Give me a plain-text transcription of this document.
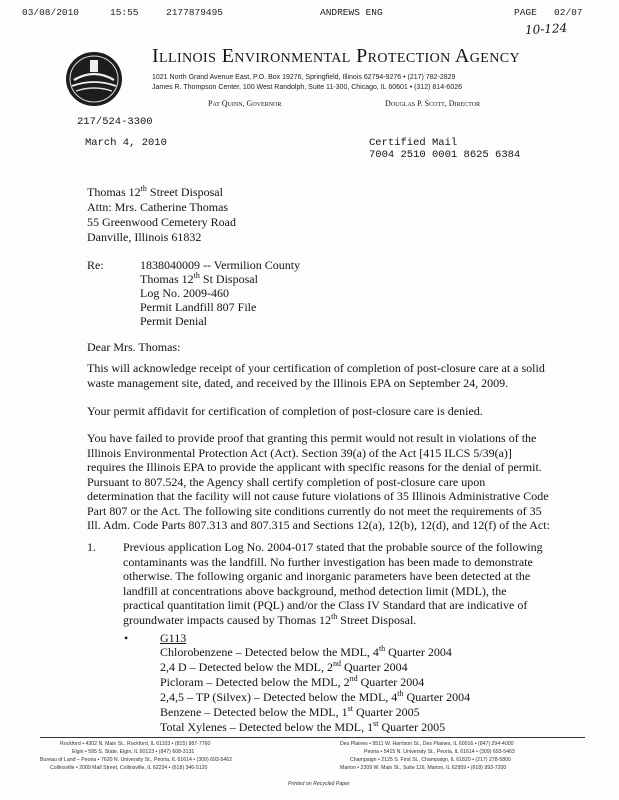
03/08/2010	15:55	2177879495	ANDREWS ENG	PAGE 02/07
10-124
Illinois Environmental Protection Agency
1021 North Grand Avenue East, P.O. Box 19276, Springfield, Illinois 62794-9276 • (217) 782-2829
James R. Thompson Center, 100 West Randolph, Suite 11-300, Chicago, IL 60601 • (312) 814-6026
Pat Quinn, Governor	Douglas P. Scott, Director
217/524-3300
March 4, 2010	Certified Mail
7004 2510 0001 8625 6384
Thomas 12th Street Disposal
Attn: Mrs. Catherine Thomas
55 Greenwood Cemetery Road
Danville, Illinois 61832
Re:	1838040009 -- Vermilion County
Thomas 12th St Disposal
Log No. 2009-460
Permit Landfill 807 File
Permit Denial
Dear Mrs. Thomas:

This will acknowledge receipt of your certification of completion of post-closure care at a solid waste management site, dated, and received by the Illinois EPA on September 24, 2009.

Your permit affidavit for certification of completion of post-closure care is denied.

You have failed to provide proof that granting this permit would not result in violations of the Illinois Environmental Protection Act (Act). Section 39(a) of the Act [415 ILCS 5/39(a)] requires the Illinois EPA to provide the applicant with specific reasons for the denial of permit. Pursuant to 807.524, the Agency shall certify completion of post-closure care upon determination that the facility will not cause future violations of 35 Illinois Administrative Code Part 807 or the Act. The following site conditions currently do not meet the requirements of 35 Ill. Adm. Code Parts 807.313 and 807.315 and Sections 12(a), 12(b), 12(d), and 12(f) of the Act:

1. Previous application Log No. 2004-017 stated that the probable source of the following contaminants was the landfill. No further investigation has been made to demonstrate otherwise. The following organic and inorganic parameters have been detected at the landfill at concentrations above background, method detection limit (MDL), the practical quantitation limit (PQL) and/or the Class IV Standard that are indicative of groundwater impacts caused by Thomas 12th Street Disposal.

•	G113
Chlorobenzene – Detected below the MDL, 4th Quarter 2004
2,4 D – Detected below the MDL, 2nd Quarter 2004
Picloram – Detected below the MDL, 2nd Quarter 2004
2,4,5 – TP (Silvex) – Detected below the MDL, 4th Quarter 2004
Benzene – Detected below the MDL, 1st Quarter 2005
Total Xylenes – Detected below the MDL, 1st Quarter 2005
Rockford • 4302 N. Main St., Rockford, IL 61103 • (815) 987-7760
Elgin • 595 S. State, Elgin, IL 60123 • (847) 608-3131
Bureau of Land – Peoria • 7620 N. University St., Peoria, IL 61614 • (309) 693-5462
Collinsville • 2009 Mall Street, Collinsville, IL 62234 • (618) 346-5120
Des Plaines • 9511 W. Harrison St., Des Plaines, IL 60016 • (847) 294-4000
Peoria • 5415 N. University St., Peoria, IL 61614 • (309) 693-5463
Champaign • 2125 S. First St., Champaign, IL 61820 • (217) 278-5800
Marion • 2309 W. Main St., Suite 116, Marion, IL 62959 • (618) 993-7200
Printed on Recycled Paper
